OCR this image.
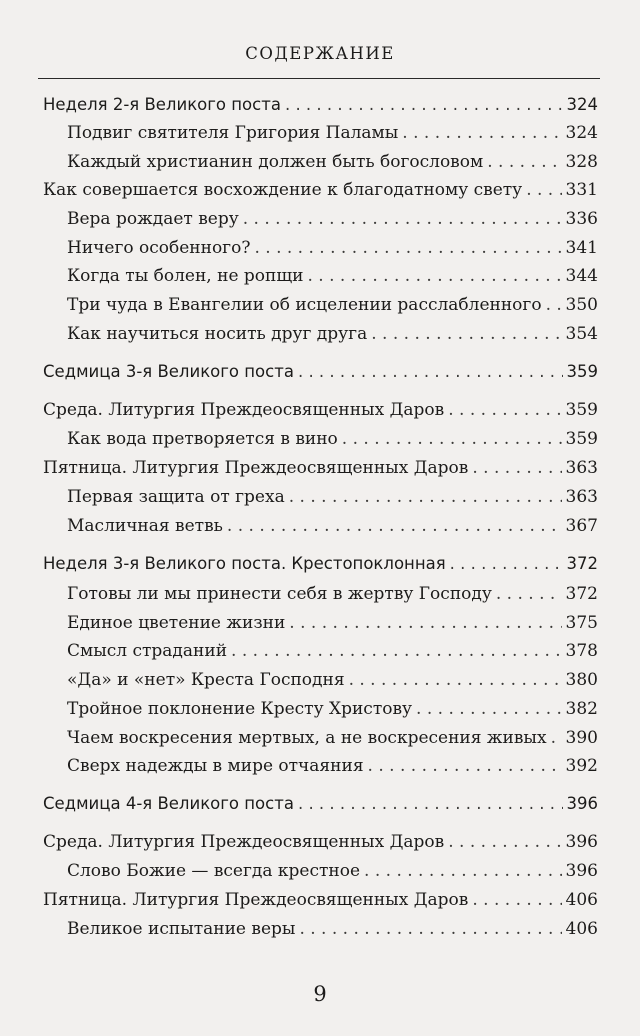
СОДЕРЖАНИЕ
Неделя 2-я Великого поста . . .	324
Подвиг святителя Григория Паламы . . .	324
Каждый христианин должен быть богословом . . .	328
Как совершается восхождение к благодатному свету . . .	331
Вера рождает веру . . .	336
Ничего особенного? . . .	341
Когда ты болен, не ропщи . . .	344
Три чуда в Евангелии об исцелении расслабленного . . . 350
Как научиться носить друг друга . . .	354
Седмица 3-я Великого поста . . .	359
Среда. Литургия Преждеосвященных Даров . . .	359
Как вода претворяется в вино . . .	359
Пятница. Литургия Преждеосвященных Даров . . .	363
Первая защита от греха . . .	363
Масличная ветвь . . .	367
Неделя 3-я Великого поста. Крестопоклонная . . .	372
Готовы ли мы принести себя в жертву Господу . . .	372
Единое цветение жизни . . .	375
Смысл страданий . . .	378
«Да» и «нет» Креста Господня . . .	380
Тройное поклонение Кресту Христову . . .	382
Чаем воскресения мертвых, а не воскресения живых . . . 390
Сверх надежды в мире отчаяния . . .	392
Седмица 4-я Великого поста . . .	396
Среда. Литургия Преждеосвященных Даров . . .	396
Слово Божие — всегда крестное . . .	396
Пятница. Литургия Преждеосвященных Даров . . .	406
Великое испытание веры . . .	406
9
